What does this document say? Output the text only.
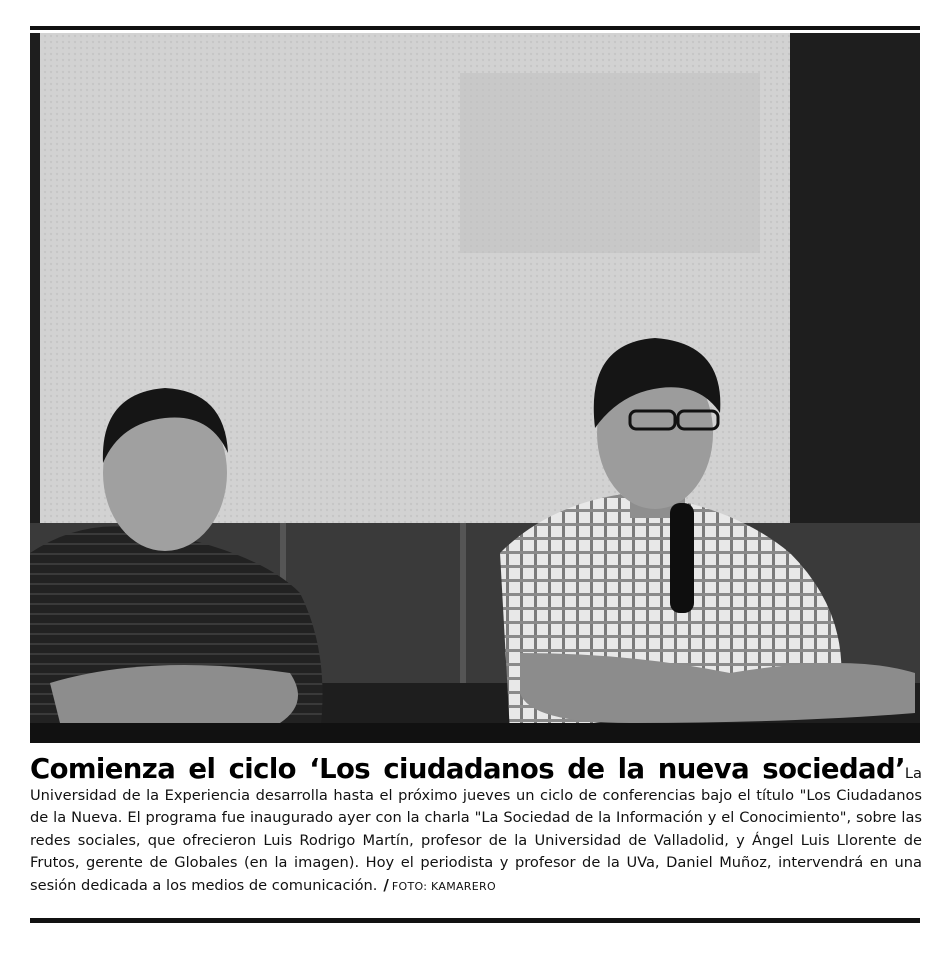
Comienza el ciclo ‘Los ciudadanos de la nueva sociedad’La Universidad de la Experiencia desarrolla hasta el próximo jueves un ciclo de conferencias bajo el título "Los Ciudadanos de la Nueva. El programa fue inaugurado ayer con la charla "La Sociedad de la Información y el Conocimiento", sobre las redes sociales, que ofrecieron Luis Rodrigo Martín, profesor de la Universidad de Valladolid, y Ángel Luis Llorente de Frutos, gerente de Globales (en la imagen). Hoy el periodista y profesor de la UVa, Daniel Muñoz, intervendrá en una sesión dedicada a los medios de comunicación. / FOTO: KAMARERO
